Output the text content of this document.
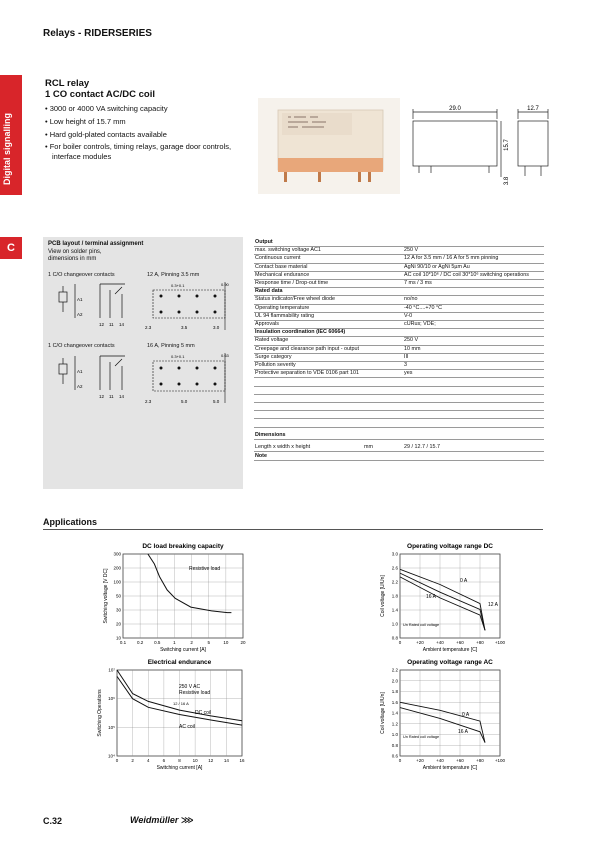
Relays - RIDERSERIES
Digital signalling
C
RCL relay
1 CO contact AC/DC coil
• 3000 or 4000 VA switching capacity
• Low height of 15.7 mm
• Hard gold-plated contacts available
• For boiler controls, timing relays, garage door controls, interface modules
29.0	12.7
15.7
3.8
PCB layout / terminal assignment
View on solder pins,
dimensions in mm
1 C/O changeover contacts	12 A, Pinning 3.5 mm
1 C/O changeover contacts	16 A, Pinning 5 mm
A1
A2
12 11 14
0.3+0.1	0.90
2.3	3.5	3.0
A1
A2
12 11 14
0.3+0.1	0.63
2.3	5.0	5.0
Output
max. switching voltage AC1	250 V
Continuous current	12 A for 3.5 mm / 16 A for 5 mm pinning
Contact base material	AgNi 90/10 or AgNi 5µm Au
Mechanical endurance	AC coil 10*10⁶ / DC coil 30*10⁶ switching operations
Response time / Drop-out time	7 ms / 3 ms
Rated data
Status indicator/Free wheel diode	no/no
Operating temperature	-40 °C....+70 °C
UL 94 flammability rating	V-0
Approvals	cURus; VDE;
Insulation coordination (IEC 60664)
Rated voltage	250 V
Creepage and clearance path input - output	10 mm
Surge category	III
Pollution severity	3
Protective separation to VDE 0106 part 101	yes
Dimensions
Length x width x height	mm	29 / 12.7 / 15.7
Note
Applications
DC load breaking capacity
0.1 0.2 0.5	1	2	5	10	20
10
20
30
50
100
200
300
Switching current [A]
Switching voltage [V DC]	Resistive load
Operating voltage range DC
0	+20	+40	+60	+80 +100
0.8
1.0
1.4
1.8
2.2
2.6
3.0
Ambient temperature [C]
Coil voltage [U/Un]	0 A
16 A
12 A
Un Rated coil voltage
Electrical endurance
0	2	4	6	8	10 12 14 16
10⁴
10⁵
10⁶
10⁷
Switching current [A]
Switching Operations
250 V AC
Resistive load
12 / 16 A
DC coil
AC coil
Operating voltage range AC
0	+20	+40	+60	+80 +100
0.6
0.8
1.0
1.2
1.4
1.6
1.8
2.0
2.2
Ambient temperature [C]
Coil voltage [U/Un]	0 A
16 A
Un Rated coil voltage
C.32	Weidmüller ⋙
